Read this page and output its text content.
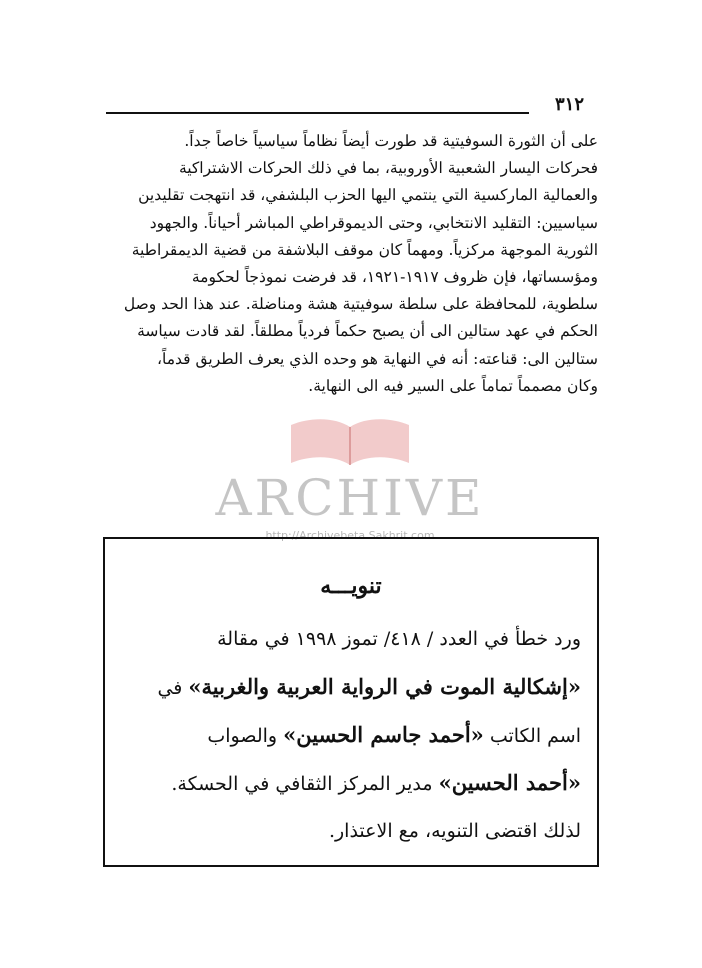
٣١٢
على أن الثورة السوفيتية قد طورت أيضاً نظاماً سياسياً خاصاً جداً.
فحركات اليسار الشعبية الأوروبية، بما في ذلك الحركات الاشتراكية
والعمالية الماركسية التي ينتمي اليها الحزب البلشفي، قد انتهجت تقليدين
سياسيين: التقليد الانتخابي، وحتى الديموقراطي المباشر أحياناً. والجهود
الثورية الموجهة مركزياً. ومهماً كان موقف البلاشفة من قضية الديمقراطية
ومؤسساتها، فإن ظروف ١٩١٧-١٩٢١، قد فرضت نموذجاً لحكومة
سلطوية، للمحافظة على سلطة سوفيتية هشة ومناضلة. عند هذا الحد وصل
الحكم في عهد ستالين الى أن يصبح حكماً فردياً مطلقاً. لقد قادت سياسة
ستالين الى: قناعته: أنه في النهاية هو وحده الذي يعرف الطريق قدماً،
وكان مصمماً تماماً على السير فيه الى النهاية.
ARCHIVE
http://Archivebeta.Sakhrit.com
تنويـــه
ورد خطأ في العدد / ٤١٨/ تموز ١٩٩٨ في مقالة
«إشكالية الموت في الرواية العربية والغربية» في
اسم الكاتب «أحمد جاسم الحسين» والصواب
«أحمد الحسين» مدير المركز الثقافي في الحسكة.
لذلك اقتضى التنويه، مع الاعتذار.
